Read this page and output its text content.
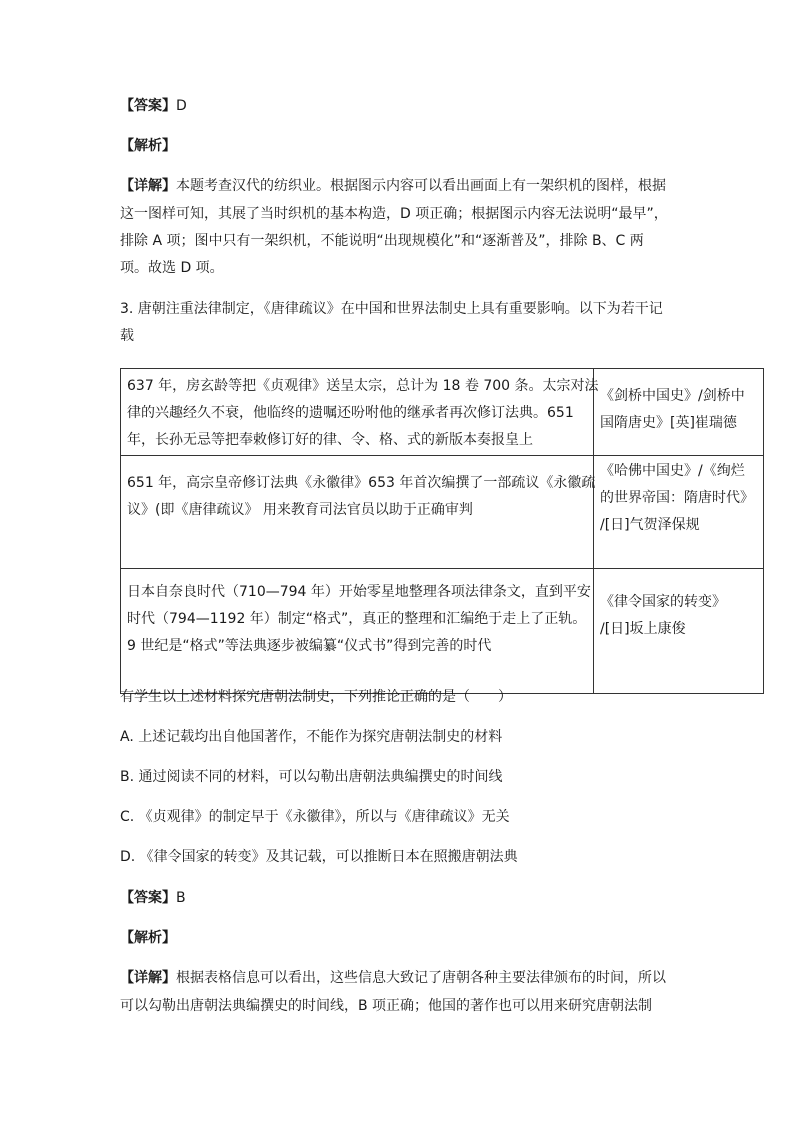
【答案】D
【解析】
【详解】本题考查汉代的纺织业。根据图示内容可以看出画面上有一架织机的图样，根据
这一图样可知，其展了当时织机的基本构造，D 项正确；根据图示内容无法说明“最早”，
排除 A 项；图中只有一架织机，不能说明“出现规模化”和“逐渐普及”，排除 B、C 两
项。故选 D 项。
3. 唐朝注重法律制定，《唐律疏议》在中国和世界法制史上具有重要影响。以下为若干记
载
637 年，房玄龄等把《贞观律》送呈太宗，总计为 18 卷 700 条。太宗对法
律的兴趣经久不衰，他临终的遗嘱还吩咐他的继承者再次修订法典。651
年，长孙无忌等把奉敕修订好的律、令、格、式的新版本奏报皇上	《剑桥中国史》/剑桥中
国隋唐史》[英]崔瑞德

651 年，高宗皇帝修订法典《永徽律》653 年首次编撰了一部疏议《永徽疏
议》(即《唐律疏议》 用来教育司法官员以助于正确审判	《哈佛中国史》/《绚烂
的世界帝国：隋唐时代》
/[日]气贺泽保规

日本自奈良时代（710—794 年）开始零星地整理各项法律条文，直到平安
时代（794—1192 年）制定“格式”，真正的整理和汇编绝于走上了正轨。
9 世纪是“格式”等法典逐步被编纂“仪式书”得到完善的时代	《律令国家的转变》
/[日]坂上康俊
有学生以上述材料探究唐朝法制史，下列推论正确的是（　　）
A. 上述记载均出自他国著作，不能作为探究唐朝法制史的材料
B. 通过阅读不同的材料，可以勾勒出唐朝法典编撰史的时间线
C. 《贞观律》的制定早于《永徽律》，所以与《唐律疏议》无关
D. 《律令国家的转变》及其记载，可以推断日本在照搬唐朝法典
【答案】B
【解析】
【详解】根据表格信息可以看出，这些信息大致记了唐朝各种主要法律颁布的时间，所以
可以勾勒出唐朝法典编撰史的时间线，B 项正确；他国的著作也可以用来研究唐朝法制
